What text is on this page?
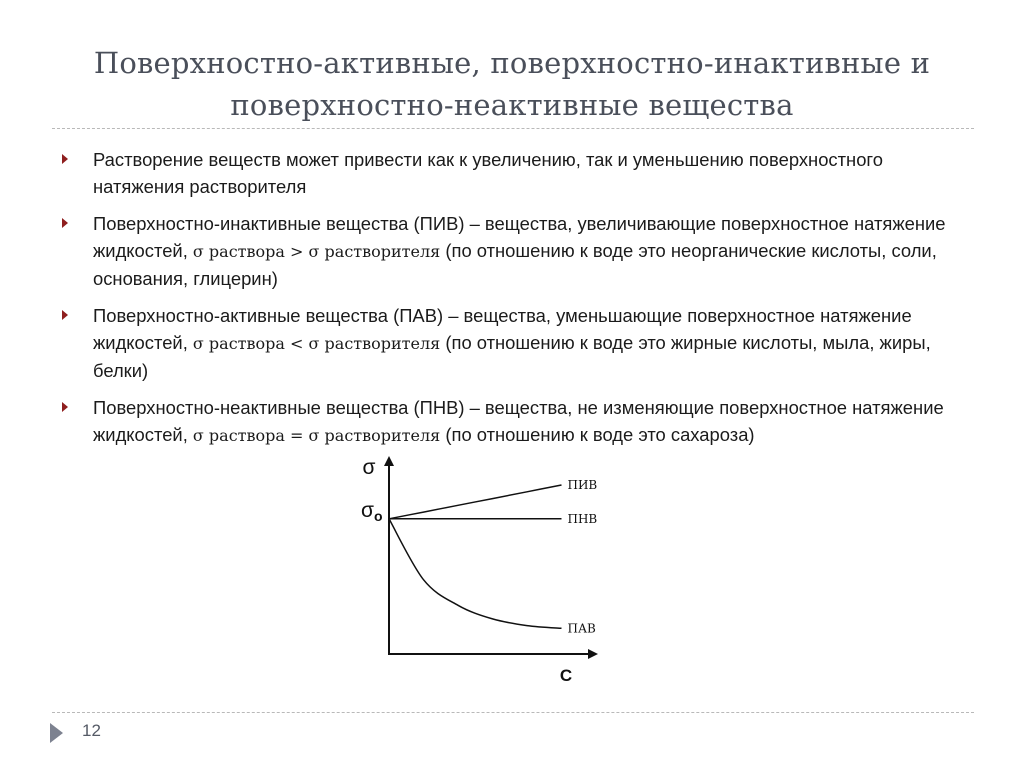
Поверхностно-активные, поверхностно-инактивные и
поверхностно-неактивные вещества
Растворение веществ может привести как к увеличению, так и уменьшению поверхностного натяжения растворителя
Поверхностно-инактивные вещества (ПИВ) – вещества, увеличивающие поверхностное натяжение жидкостей, σ раствора > σ растворителя (по отношению к воде это неорганические кислоты, соли, основания, глицерин)
Поверхностно-активные вещества (ПАВ) – вещества, уменьшающие поверхностное натяжение жидкостей, σ раствора < σ растворителя (по отношению к воде это жирные кислоты, мыла, жиры, белки)
Поверхностно-неактивные вещества (ПНВ) – вещества, не изменяющие поверхностное натяжение жидкостей, σ раствора = σ растворителя (по отношению к воде это сахароза)
σ
σo
С
ПИВ
ПНВ
ПАВ
12
